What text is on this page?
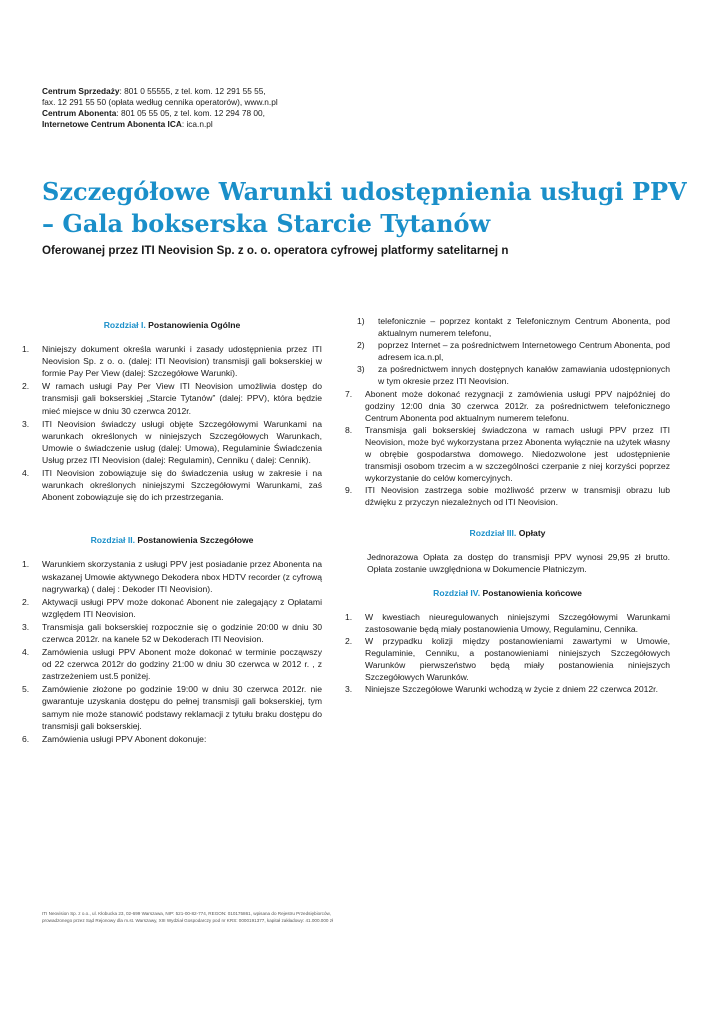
Centrum Sprzedaży: 801 0 55555, z tel. kom. 12 291 55 55,
fax. 12 291 55 50 (opłata według cennika operatorów), www.n.pl
Centrum Abonenta: 801 05 55 05, z tel. kom. 12 294 78 00,
Internetowe Centrum Abonenta ICA: ica.n.pl
Szczegółowe Warunki udostępnienia usługi PPV – Gala bokserska Starcie Tytanów
Oferowanej przez ITI Neovision Sp. z o. o. operatora cyfrowej platformy satelitarnej n
Rozdział I. Postanowienia Ogólne
1. Niniejszy dokument określa warunki i zasady udostępnienia przez ITI Neovision Sp. z o. o. (dalej: ITI Neovision) transmisji gali bokserskiej w formie Pay Per View (dalej: Szczegółowe Warunki).
2. W ramach usługi Pay Per View ITI Neovision umożliwia dostęp do transmisji gali bokserskiej „Starcie Tytanów” (dalej: PPV), która będzie mieć miejsce w dniu 30 czerwca 2012r.
3. ITI Neovision świadczy usługi objęte Szczegółowymi Warunkami na warunkach określonych w niniejszych Szczegółowych Warunkach, Umowie o świadczenie usług (dalej: Umowa), Regulaminie Świadczenia Usług przez ITI Neovision (dalej: Regulamin), Cenniku ( dalej: Cennik).
4. ITI Neovision zobowiązuje się do świadczenia usług w zakresie i na warunkach określonych niniejszymi Szczegółowymi Warunkami, zaś Abonent zobowiązuje się do ich przestrzegania.
Rozdział II. Postanowienia Szczegółowe
1. Warunkiem skorzystania z usługi PPV jest posiadanie przez Abonenta na wskazanej Umowie aktywnego Dekodera nbox HDTV recorder (z cyfrową nagrywarką) ( dalej : Dekoder ITI Neovision).
2. Aktywacji usługi PPV może dokonać Abonent nie zalegający z Opłatami względem ITI Neovision.
3. Transmisja gali bokserskiej rozpocznie się o godzinie 20:00 w dniu 30 czerwca 2012r. na kanele 52 w Dekoderach ITI Neovision.
4. Zamówienia usługi PPV Abonent może dokonać w terminie począwszy od 22 czerwca 2012r do godziny 21:00 w dniu 30 czerwca w 2012 r. , z zastrzeżeniem ust.5 poniżej.
5. Zamówienie złożone po godzinie 19:00 w dniu 30 czerwca 2012r. nie gwarantuje uzyskania dostępu do pełnej transmisji gali bokserskiej, tym samym nie może stanowić podstawy reklamacji z tytułu braku dostępu do transmisji gali bokserskiej.
6. Zamówienia usługi PPV Abonent dokonuje:
1) telefonicznie – poprzez kontakt z Telefonicznym Centrum Abonenta, pod aktualnym numerem telefonu,
2) poprzez Internet – za pośrednictwem Internetowego Centrum Abonenta, pod adresem ica.n.pl,
3) za pośrednictwem innych dostępnych kanałów zamawiania udostępnionych w tym okresie przez ITI Neovision.
7. Abonent może dokonać rezygnacji z zamówienia usługi PPV najpóźniej do godziny 12:00 dnia 30 czerwca 2012r. za pośrednictwem telefonicznego Centrum Abonenta pod aktualnym numerem telefonu.
8. Transmisja gali bokserskiej świadczona w ramach usługi PPV przez ITI Neovision, może być wykorzystana przez Abonenta wyłącznie na użytek własny w obrębie gospodarstwa domowego. Niedozwolone jest udostępnienie transmisji osobom trzecim a w szczególności czerpanie z niej korzyści poprzez wykorzystanie do celów komercyjnych.
9. ITI Neovision zastrzega sobie możliwość przerw w transmisji obrazu lub dźwięku z przyczyn niezależnych od ITI Neovision.
Rozdział III. Opłaty

Jednorazowa Opłata za dostęp do transmisji PPV wynosi 29,95 zł brutto. Opłata zostanie uwzględniona w Dokumencie Płatniczym.

Rozdział IV. Postanowienia końcowe
1. W kwestiach nieuregulowanych niniejszymi Szczegółowymi Warunkami zastosowanie będą miały postanowienia Umowy, Regulaminu, Cennika.
2. W przypadku kolizji między postanowieniami zawartymi w Umowie, Regulaminie, Cenniku, a postanowieniami niniejszych Szczegółowych Warunków pierwszeństwo będą miały postanowienia niniejszych Szczegółowych Warunków.
3. Niniejsze Szczegółowe Warunki wchodzą w życie z dniem 22 czerwca 2012r.
ITI Neovision Sp. z o.o., ul. Kłobucka 23, 02-699 Warszawa, NIP: 521-00-82-774, REGON: 010175861, wpisana do Rejestru Przedsiębiorców,
prowadzonego przez Sąd Rejonowy dla m.st. Warszawy, XIII Wydział Gospodarczy pod nr KRS: 0000191377, kapitał zakładowy: 41.000.000 zł
